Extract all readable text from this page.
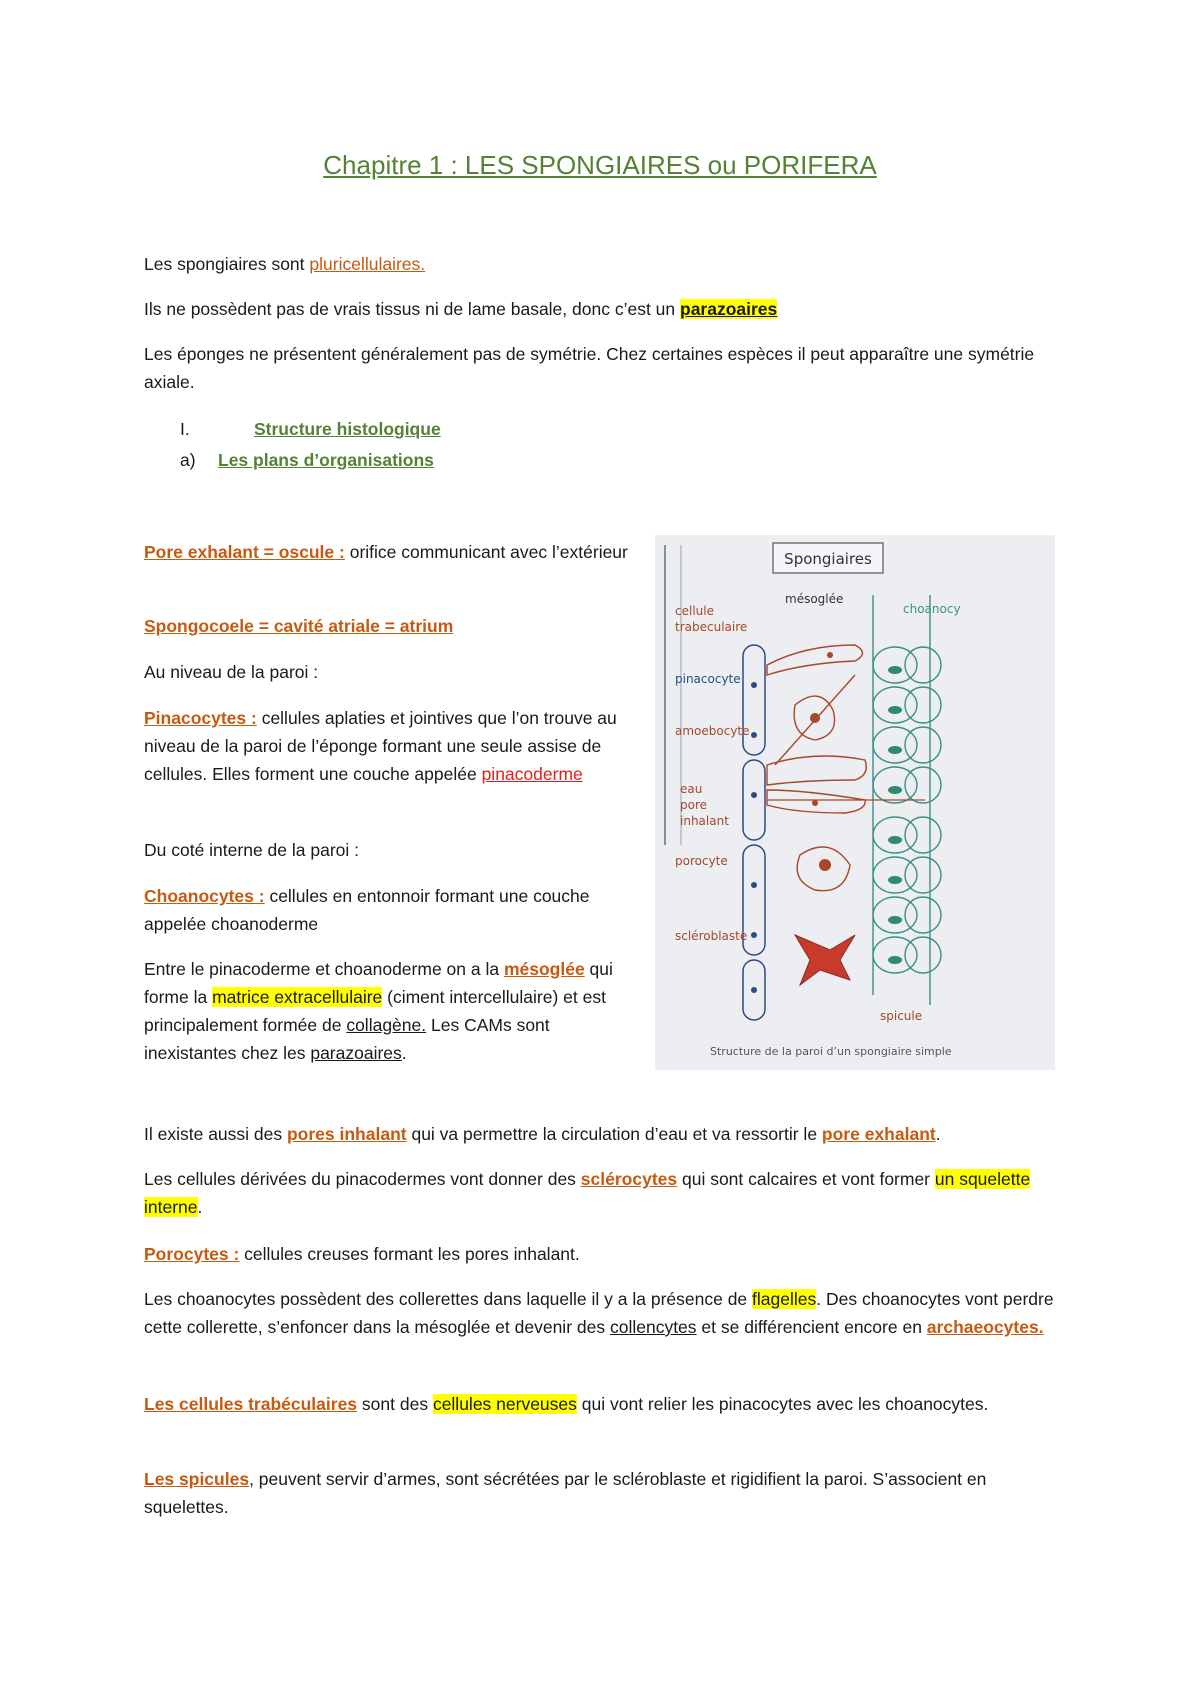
Chapitre 1 : LES SPONGIAIRES ou PORIFERA
Les spongiaires sont pluricellulaires.
Ils ne possèdent pas de vrais tissus ni de lame basale, donc c’est un parazoaires
Les éponges ne présentent généralement pas de symétrie. Chez certaines espèces il peut apparaître une symétrie axiale.
I.	Structure histologique
a) Les plans d’organisations
Pore exhalant = oscule : orifice communicant avec l’extérieur
Spongocoele = cavité atriale = atrium
Au niveau de la paroi :
Pinacocytes : cellules aplaties et jointives que l’on trouve au niveau de la paroi de l’éponge formant une seule assise de cellules. Elles forment une couche appelée pinacoderme
Du coté interne de la paroi :
Choanocytes : cellules en entonnoir formant une couche appelée choanoderme
Entre le pinacoderme et choanoderme on a la mésoglée qui forme la matrice extracellulaire (ciment intercellulaire) et est principalement formée de collagène. Les CAMs sont inexistantes chez les parazoaires.
Spongiaires
cellule
trabeculaire
mésoglée
choanocy
pinacocyte
amoebocyte
eau
pore
inhalant
porocyte
scléroblaste
spicule
Structure de la paroi d’un spongiaire simple
Il existe aussi des pores inhalant qui va permettre la circulation d’eau et va ressortir le pore exhalant.
Les cellules dérivées du pinacodermes vont donner des sclérocytes qui sont calcaires et vont former un squelette interne.
Porocytes : cellules creuses formant les pores inhalant.
Les choanocytes possèdent des collerettes dans laquelle il y a la présence de flagelles. Des choanocytes vont perdre cette collerette, s’enfoncer dans la mésoglée et devenir des collencytes et se différencient encore en archaeocytes.
Les cellules trabéculaires sont des cellules nerveuses qui vont relier les pinacocytes avec les choanocytes.
Les spicules, peuvent servir d’armes, sont sécrétées par le scléroblaste et rigidifient la paroi. S’associent en squelettes.
